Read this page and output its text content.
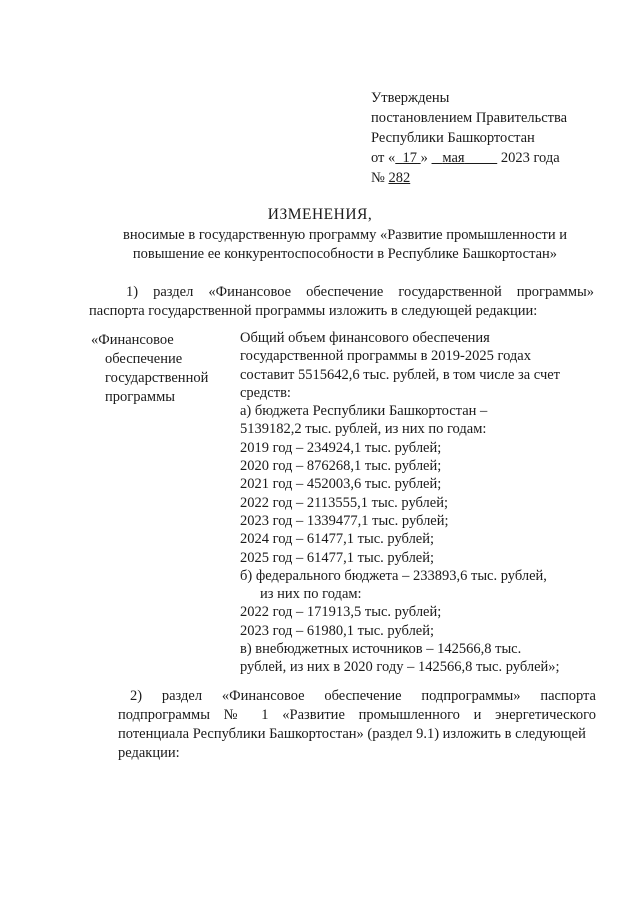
Утверждены
постановлением Правительства
Республики Башкортостан
от « 17 »    мая          2023 года
№ 282
ИЗМЕНЕНИЯ,
вносимые в государственную программу «Развитие промышленности и
повышение ее конкурентоспособности в Республике Башкортостан»
1) раздел «Финансовое обеспечение государственной программы»
паспорта государственной программы изложить в следующей редакции:
«Финансовое
обеспечение
государственной
программы
Общий объем финансового обеспечения
государственной программы в 2019-2025 годах
составит 5515642,6 тыс. рублей, в том числе за счет
средств:
а) бюджета Республики Башкортостан –
5139182,2 тыс. рублей, из них по годам:
2019 год – 234924,1 тыс. рублей;
2020 год – 876268,1 тыс. рублей;
2021 год – 452003,6 тыс. рублей;
2022 год – 2113555,1 тыс. рублей;
2023 год – 1339477,1 тыс. рублей;
2024 год – 61477,1 тыс. рублей;
2025 год – 61477,1 тыс. рублей;
б) федерального бюджета – 233893,6 тыс. рублей,
из них по годам:
2022 год – 171913,5 тыс. рублей;
2023 год – 61980,1 тыс. рублей;
в) внебюджетных источников – 142566,8 тыс.
рублей, из них в 2020 году – 142566,8 тыс. рублей»;
2) раздел «Финансовое обеспечение подпрограммы» паспорта
подпрограммы № 1 «Развитие промышленного и энергетического
потенциала Республики Башкортостан» (раздел 9.1) изложить в следующей
редакции:
